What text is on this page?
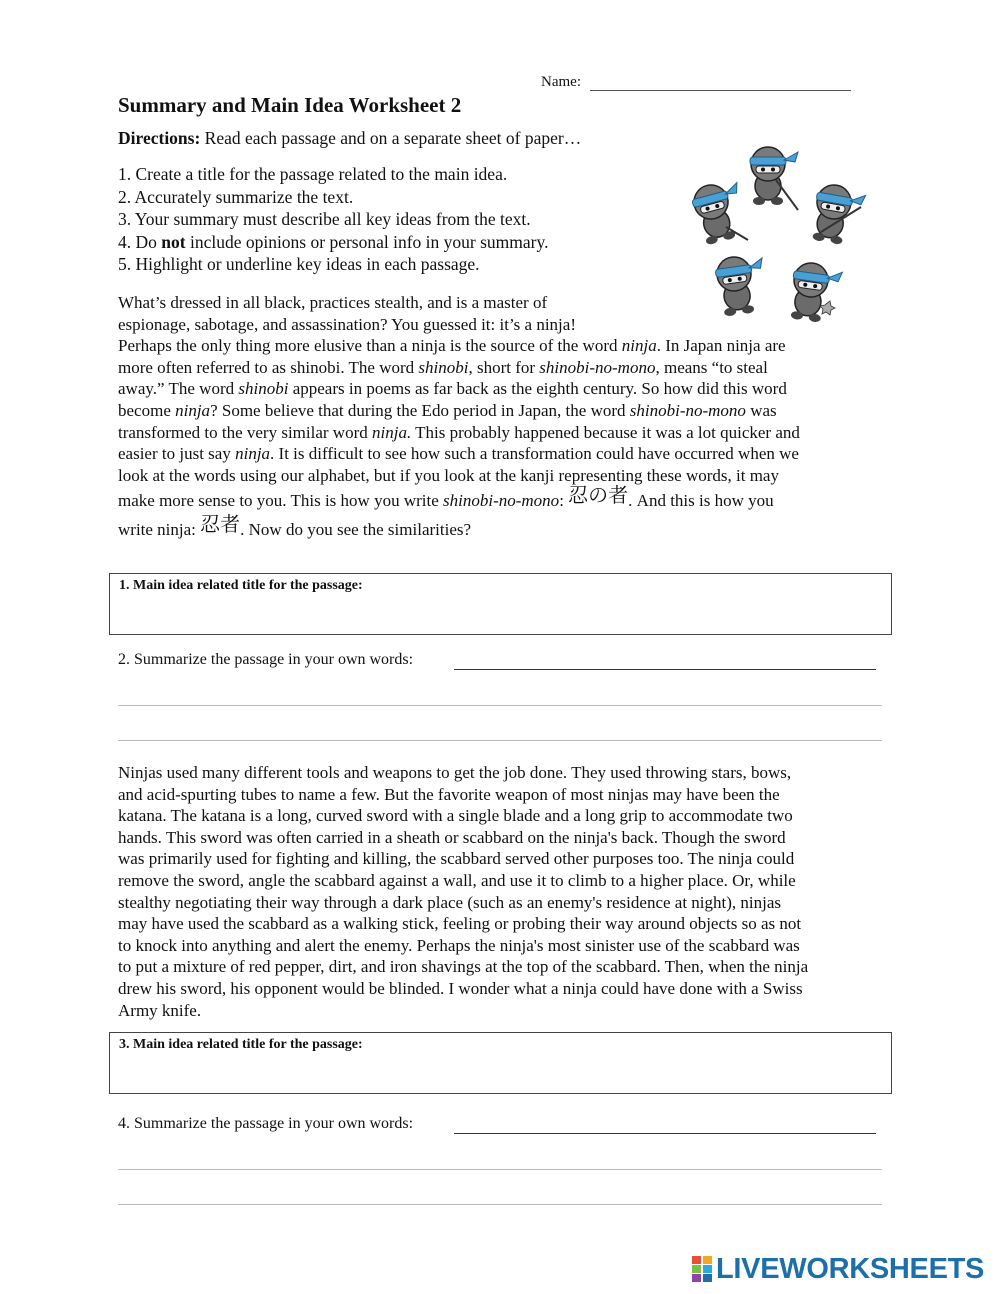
Name:
Summary and Main Idea Worksheet 2
Directions: Read each passage and on a separate sheet of paper…
1. Create a title for the passage related to the main idea.
2. Accurately summarize the text.
3. Your summary must describe all key ideas from the text.
4. Do not include opinions or personal info in your summary.
5. Highlight or underline key ideas in each passage.
What’s dressed in all black, practices stealth, and is a master of
espionage, sabotage, and assassination? You guessed it: it’s a ninja!
Perhaps the only thing more elusive than a ninja is the source of the word ninja. In Japan ninja are
more often referred to as shinobi. The word shinobi, short for shinobi-no-mono, means “to steal
away.” The word shinobi appears in poems as far back as the eighth century. So how did this word
become ninja? Some believe that during the Edo period in Japan, the word shinobi-no-mono was
transformed to the very similar word ninja. This probably happened because it was a lot quicker and
easier to just say ninja. It is difficult to see how such a transformation could have occurred when we
look at the words using our alphabet, but if you look at the kanji representing these words, it may
make more sense to you. This is how you write shinobi-no-mono: 忍の者. And this is how you
write ninja: 忍者. Now do you see the similarities?
1. Main idea related title for the passage:
2. Summarize the passage in your own words:
Ninjas used many different tools and weapons to get the job done. They used throwing stars, bows,
and acid-spurting tubes to name a few. But the favorite weapon of most ninjas may have been the
katana. The katana is a long, curved sword with a single blade and a long grip to accommodate two
hands. This sword was often carried in a sheath or scabbard on the ninja's back. Though the sword
was primarily used for fighting and killing, the scabbard served other purposes too. The ninja could
remove the sword, angle the scabbard against a wall, and use it to climb to a higher place. Or, while
stealthy negotiating their way through a dark place (such as an enemy's residence at night), ninjas
may have used the scabbard as a walking stick, feeling or probing their way around objects so as not
to knock into anything and alert the enemy. Perhaps the ninja's most sinister use of the scabbard was
to put a mixture of red pepper, dirt, and iron shavings at the top of the scabbard. Then, when the ninja
drew his sword, his opponent would be blinded. I wonder what a ninja could have done with a Swiss
Army knife.
3. Main idea related title for the passage:
4. Summarize the passage in your own words:
LIVEWORKSHEETS
